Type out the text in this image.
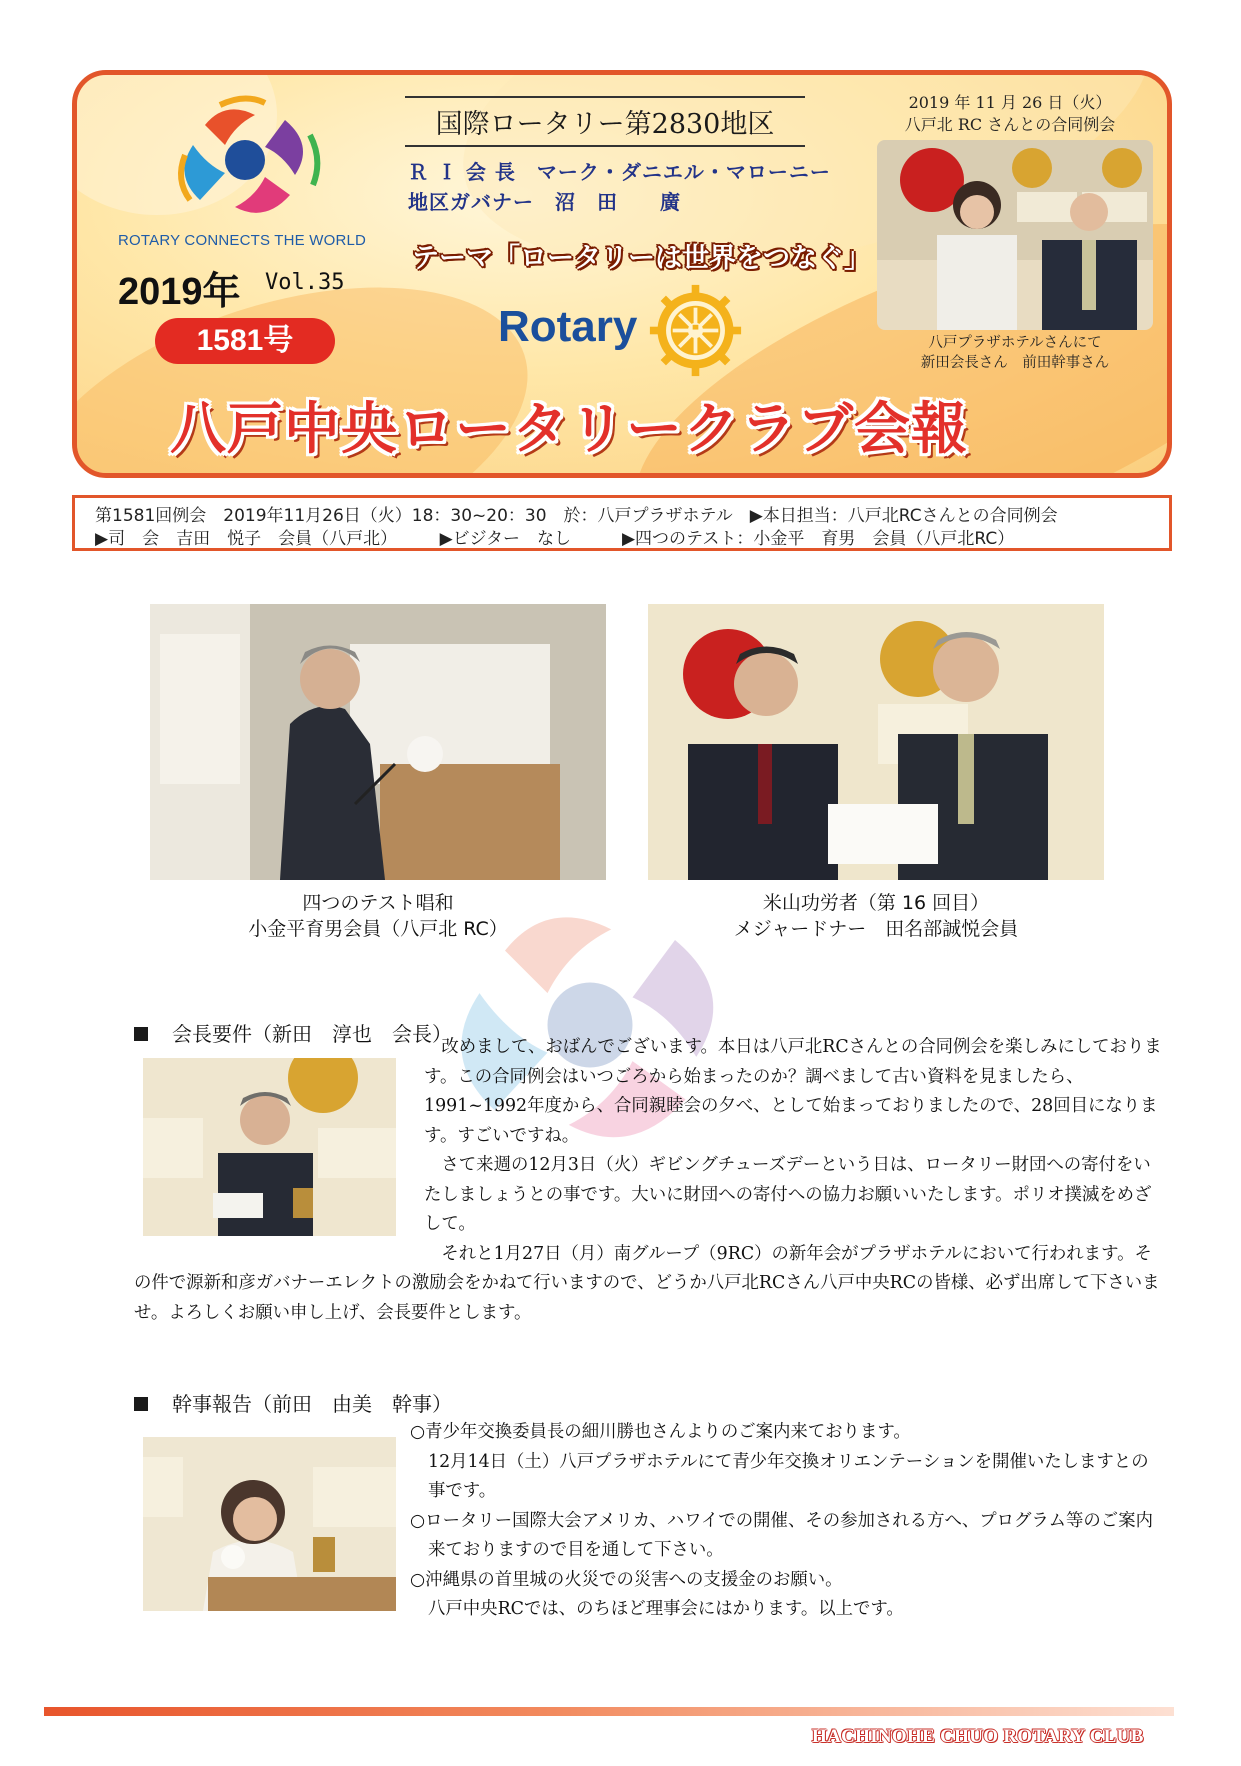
ROTARY CONNECTS THE WORLD
2019年 Vol.35
1581号
国際ロータリー第2830地区
Ｒ Ｉ 会 長　マーク・ダニエル・マローニー
地区ガバナー　沼　田　　廣
テーマ「ロータリーは世界をつなぐ」
Rotary
八戸中央ロータリークラブ会報
2019 年 11 月 26 日（火）
八戸北 RC さんとの合同例会
八戸プラザホテルさんにて
新田会長さん　前田幹事さん
第1581回例会　2019年11月26日（火）18：30~20：30　於：八戸プラザホテル　▶本日担当：八戸北RCさんとの合同例会
▶司　会　吉田　悦子　会員（八戸北）　　　▶ビジター　なし　　　▶四つのテスト：小金平　育男　会員（八戸北RC）
四つのテスト唱和
小金平育男会員（八戸北 RC）
米山功労者（第 16 回目）
メジャードナー　田名部誠悦会員
会長要件（新田　淳也　会長）

改めまして、おばんでございます。本日は八戸北RCさんとの合同例会を楽しみにしております。この合同例会はいつごろから始まったのか？調べまして古い資料を見ましたら、1991~1992年度から、合同親睦会の夕べ、として始まっておりましたので、28回目になります。すごいですね。

さて来週の12月3日（火）ギビングチューズデーという日は、ロータリー財団への寄付をいたしましょうとの事です。大いに財団への寄付への協力お願いいたします。ポリオ撲滅をめざして。

それと1月27日（月）南グループ（9RC）の新年会がプラザホテルにおいて行われます。その件で源新和彦ガバナーエレクトの激励会をかねて行いますので、どうか八戸北RCさん八戸中央RCの皆様、必ず出席して下さいませ。よろしくお願い申し上げ、会長要件とします。

幹事報告（前田　由美　幹事）

○青少年交換委員長の細川勝也さんよりのご案内来ております。

12月14日（土）八戸プラザホテルにて青少年交換オリエンテーションを開催いたしますとの事です。

○ロータリー国際大会アメリカ、ハワイでの開催、その参加される方へ、プログラム等のご案内来ておりますので目を通して下さい。

○沖縄県の首里城の火災での災害への支援金のお願い。

八戸中央RCでは、のちほど理事会にはかります。以上です。

HACHINOHE CHUO ROTARY CLUB
